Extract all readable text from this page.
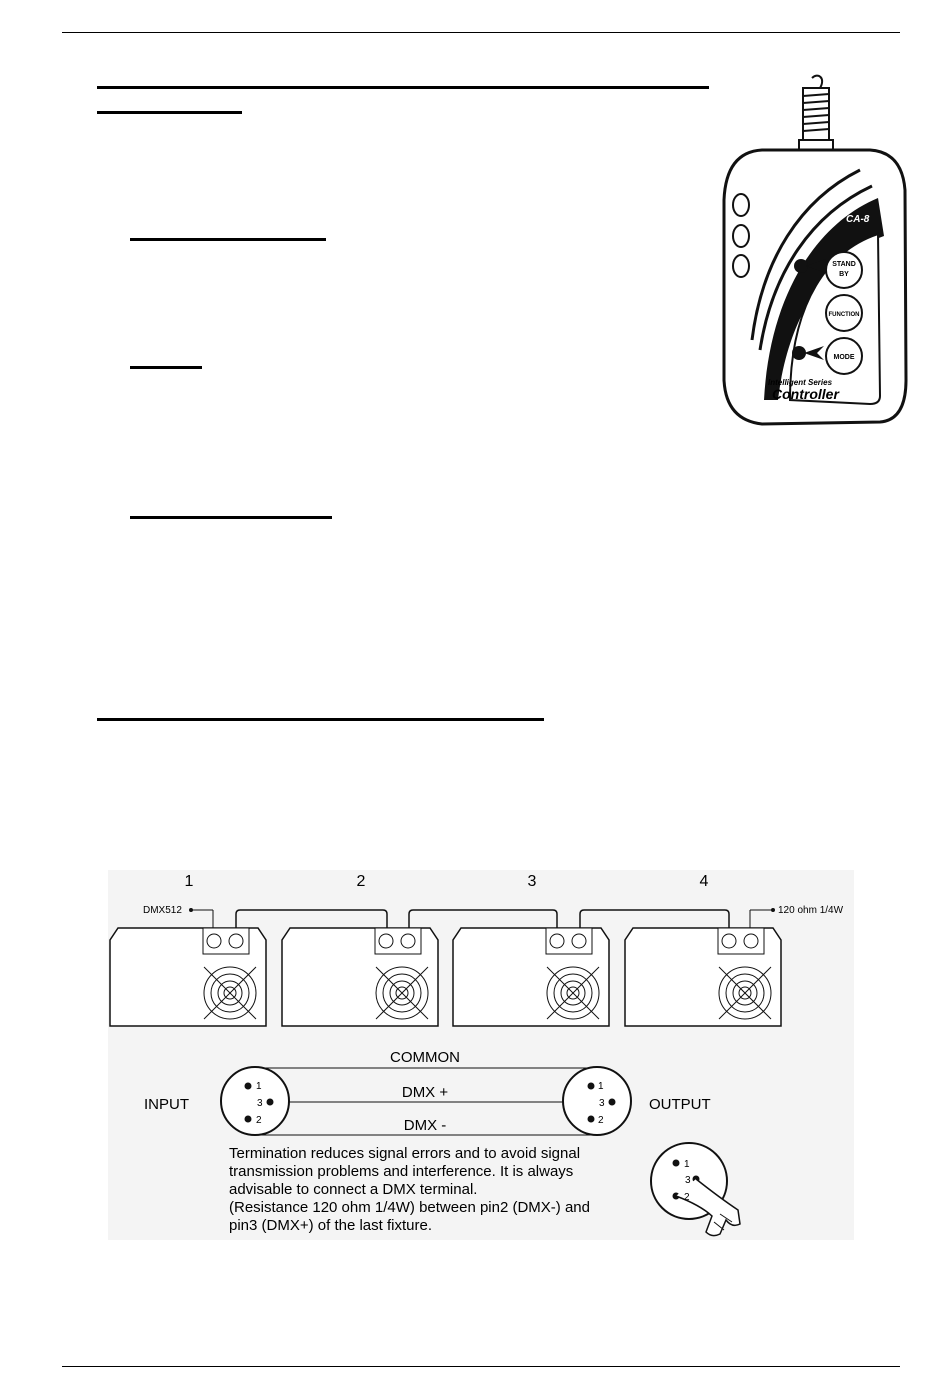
CA-8
STAND
BY
FUNCTION
MODE
Intelligent Series
Controller
1	2	3	4
DMX512	120 ohm 1/4W
COMMON
DMX +
DMX -
INPUT	OUTPUT
1
2
3
1
2
3
Termination reduces signal errors and to avoid signal
transmission problems and interference. It is always
advisable to connect a DMX terminal.
(Resistance 120 ohm 1/4W) between pin2 (DMX-) and
pin3 (DMX+) of the last fixture.
1
2
3
